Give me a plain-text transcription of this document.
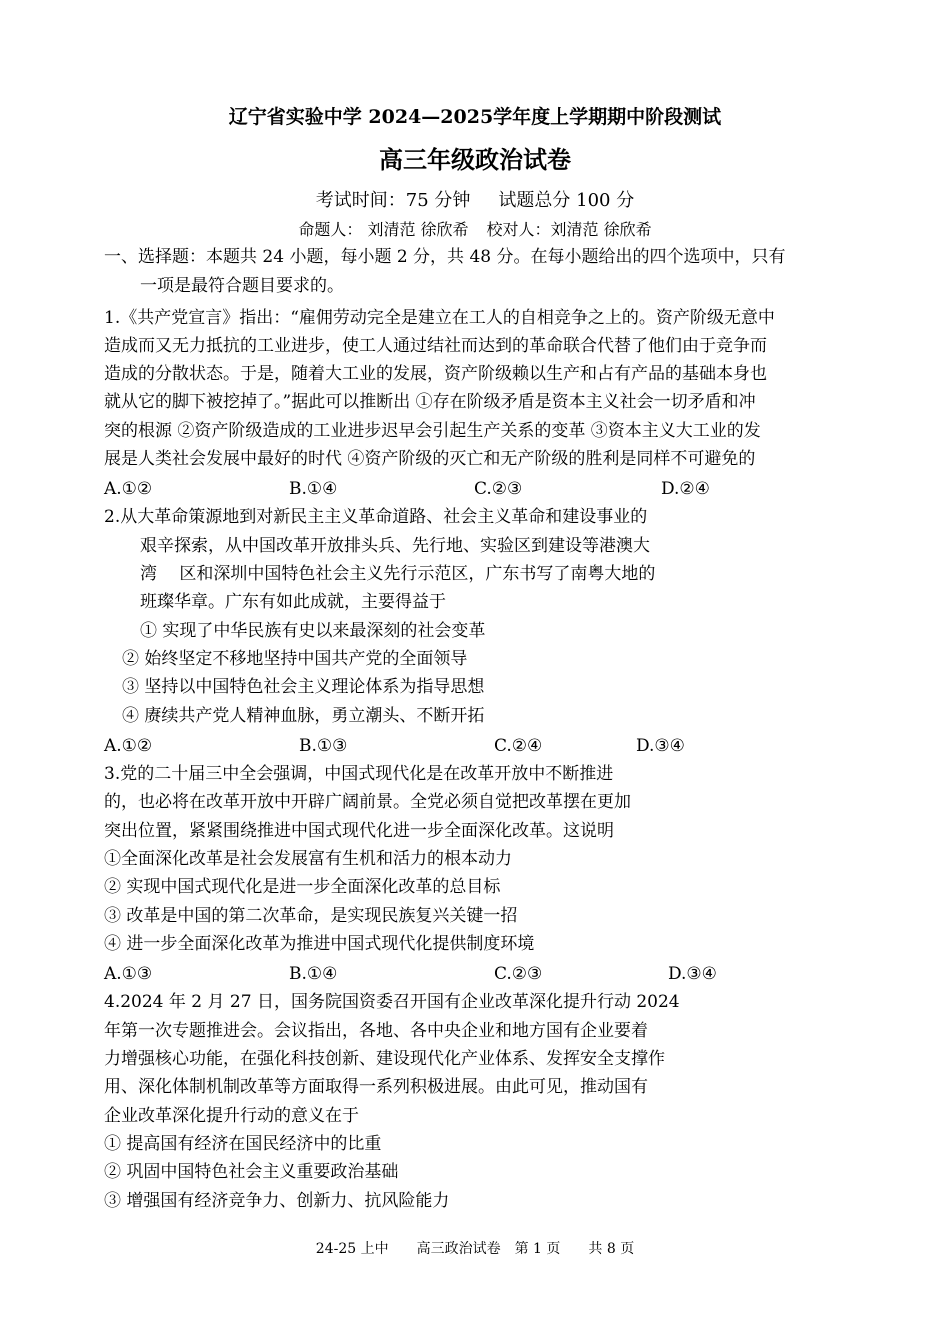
辽宁省实验中学 2024—2025学年度上学期期中阶段测试
高三年级政治试卷
考试时间：75 分钟 试题总分 100 分
命题人： 刘清范 徐欣希 校对人：刘清范 徐欣希
一、选择题：本题共 24 小题，每小题 2 分，共 48 分。在每小题给出的四个选项中，只有
一项是最符合题目要求的。
1.《共产党宣言》指出：“雇佣劳动完全是建立在工人的自相竞争之上的。资产阶级无意中
造成而又无力抵抗的工业进步，使工人通过结社而达到的革命联合代替了他们由于竞争而
造成的分散状态。于是，随着大工业的发展，资产阶级赖以生产和占有产品的基础本身也
就从它的脚下被挖掉了。”据此可以推断出 ①存在阶级矛盾是资本主义社会一切矛盾和冲
突的根源 ②资产阶级造成的工业进步迟早会引起生产关系的变革 ③资本主义大工业的发
展是人类社会发展中最好的时代 ④资产阶级的灭亡和无产阶级的胜利是同样不可避免的
A.①②	B.①④	C.②③	D.②④
2.从大革命策源地到对新民主主义革命道路、社会主义革命和建设事业的
艰辛探索，从中国改革开放排头兵、先行地、实验区到建设等港澳大
湾　 区和深圳中国特色社会主义先行示范区，广东书写了南粤大地的
班璨华章。广东有如此成就，主要得益于
① 实现了中华民族有史以来最深刻的社会变革
② 始终坚定不移地坚持中国共产党的全面领导
③ 坚持以中国特色社会主义理论体系为指导思想
④ 赓续共产党人精神血脉，勇立潮头、不断开拓
A.①②	B.①③	C.②④	D.③④
3.党的二十届三中全会强调，中国式现代化是在改革开放中不断推进
的，也必将在改革开放中开辟广阔前景。全党必须自觉把改革摆在更加
突出位置，紧紧围绕推进中国式现代化进一步全面深化改革。这说明
①全面深化改革是社会发展富有生机和活力的根本动力
② 实现中国式现代化是进一步全面深化改革的总目标
③ 改革是中国的第二次革命，是实现民族复兴关键一招
④ 进一步全面深化改革为推进中国式现代化提供制度环境
A.①③	B.①④	C.②③	D.③④
4.2024 年 2 月 27 日，国务院国资委召开国有企业改革深化提升行动 2024
年第一次专题推进会。会议指出，各地、各中央企业和地方国有企业要着
力增强核心功能，在强化科技创新、建设现代化产业体系、发挥安全支撑作
用、深化体制机制改革等方面取得一系列积极进展。由此可见，推动国有
企业改革深化提升行动的意义在于
① 提高国有经济在国民经济中的比重
② 巩固中国特色社会主义重要政治基础
③ 增强国有经济竞争力、创新力、抗风险能力
24-25 上中　　高三政治试卷　第 1 页　　共 8 页
